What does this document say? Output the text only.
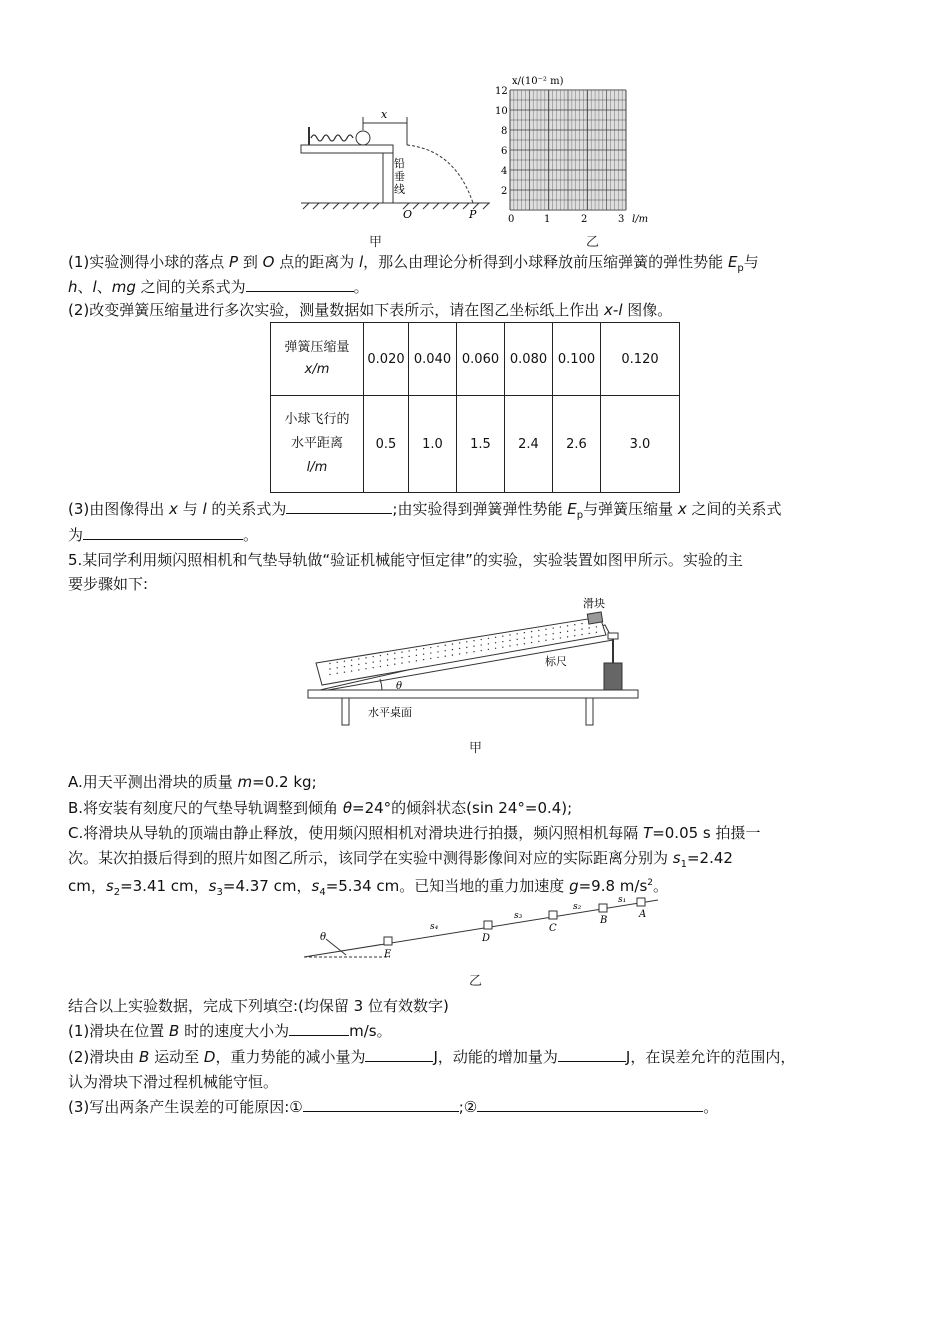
铅
垂
线
x
O	P
甲
x/(10⁻² m)
l/m
12
10
8
6
4
2
0	1	2	3
乙
(1)实验测得小球的落点 P 到 O 点的距离为 l，那么由理论分析得到小球释放前压缩弹簧的弹性势能 $E_p$与
h、l、mg 之间的关系式为	。
(2)改变弹簧压缩量进行多次实验，测量数据如下表所示，请在图乙坐标纸上作出 x-l 图像。
弹簧压缩量
x/m	0.020	0.040	0.060	0.080	0.100	0.120

小球飞行的
水平距离
l/m	0.5	1.0	1.5	2.4	2.6	3.0
(3)由图像得出 x 与 l 的关系式为	;由实验得到弹簧弹性势能 $E_p$与弹簧压缩量 x 之间的关系式
为	。
5.某同学利用频闪照相机和气垫导轨做“验证机械能守恒定律”的实验，实验装置如图甲所示。实验的主
要步骤如下:
水平桌面
滑块
标尺
θ
甲
A.用天平测出滑块的质量 m=0.2 kg;
B.将安装有刻度尺的气垫导轨调整到倾角 θ=24°的倾斜状态(sin 24°=0.4);
C.将滑块从导轨的顶端由静止释放，使用频闪照相机对滑块进行拍摄，频闪照相机每隔 T=0.05 s 拍摄一
次。某次拍摄后得到的照片如图乙所示，该同学在实验中测得影像间对应的实际距离分别为 $s_1=2.42$
cm，$s_2=3.41$ cm，$s_3=4.37$ cm，$s_4=5.34$ cm。已知当地的重力加速度 g=9.8 $m/s^2$。
θ
E
D
C
B
A
s₄
s₃
s₂
s₁
乙
结合以上实验数据，完成下列填空:(均保留 3 位有效数字)
(1)滑块在位置 B 时的速度大小为	m/s。
(2)滑块由 B 运动至 D，重力势能的减小量为	J，动能的增加量为	J，在误差允许的范围内，
认为滑块下滑过程机械能守恒。
(3)写出两条产生误差的可能原因:①	;②	。
